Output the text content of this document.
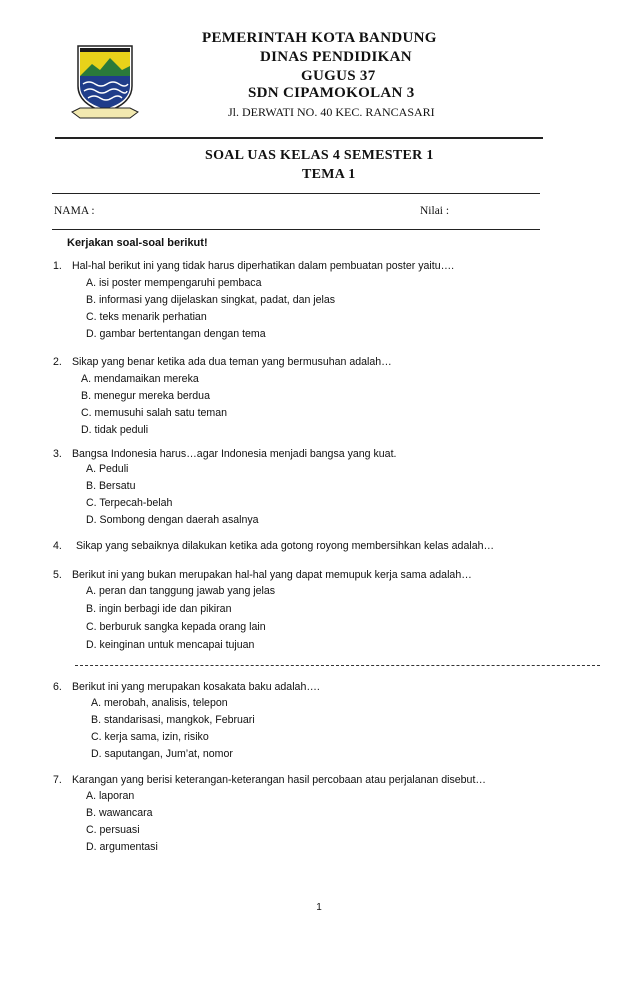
PEMERINTAH KOTA BANDUNG
DINAS PENDIDIKAN
GUGUS 37
SDN CIPAMOKOLAN 3
Jl. DERWATI NO. 40 KEC. RANCASARI
SOAL UAS KELAS 4 SEMESTER 1
TEMA 1
NAMA :	Nilai :
Kerjakan soal-soal berikut!
1. Hal-hal berikut ini yang tidak harus diperhatikan dalam pembuatan poster yaitu….
A. isi poster mempengaruhi pembaca
B. informasi yang dijelaskan singkat, padat, dan jelas
C. teks menarik perhatian
D. gambar bertentangan dengan tema
2. Sikap yang benar ketika ada dua teman yang bermusuhan adalah…
A. mendamaikan mereka
B. menegur mereka berdua
C. memusuhi salah satu teman
D. tidak peduli
3. Bangsa Indonesia harus…agar Indonesia menjadi bangsa yang kuat.
A. Peduli
B. Bersatu
C. Terpecah-belah
D. Sombong dengan daerah asalnya
4. Sikap yang sebaiknya dilakukan ketika ada gotong royong membersihkan kelas adalah…
5. Berikut ini yang bukan merupakan hal-hal yang dapat memupuk kerja sama adalah…
A. peran dan tanggung jawab yang jelas
B. ingin berbagi ide dan pikiran
C. berburuk sangka kepada orang lain
D. keinginan untuk mencapai tujuan
6. Berikut ini yang merupakan kosakata baku adalah….
A. merobah, analisis, telepon
B. standarisasi, mangkok, Februari
C. kerja sama, izin, risiko
D. saputangan, Jum’at, nomor
7. Karangan yang berisi keterangan-keterangan hasil percobaan atau perjalanan disebut…
A. laporan
B. wawancara
C. persuasi
D. argumentasi
1
